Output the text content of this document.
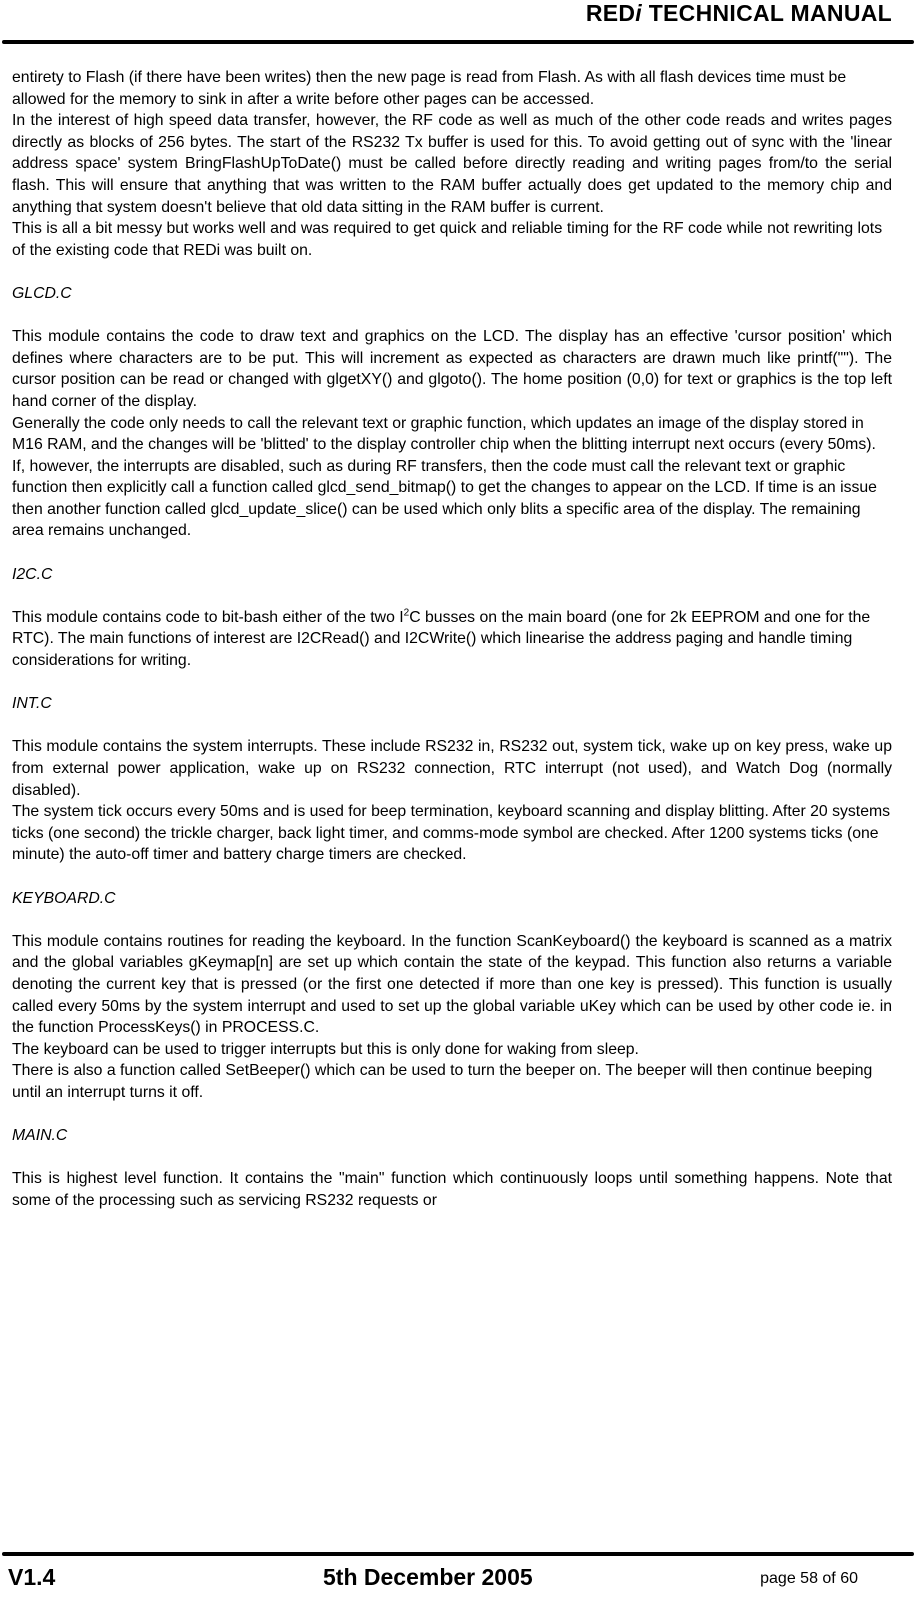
REDi TECHNICAL MANUAL

entirety to Flash (if there have been writes) then the new page is read from Flash. As with all flash devices time must be allowed for the memory to sink in after a write before other pages can be accessed.

In the interest of high speed data transfer, however, the RF code as well as much of the other code reads and writes pages directly as blocks of 256 bytes. The start of the RS232 Tx buffer is used for this. To avoid getting out of sync with the 'linear address space' system BringFlashUpToDate() must be called before directly reading and writing pages from/to the serial flash. This will ensure that anything that was written to the RAM buffer actually does get updated to the memory chip and anything that system doesn't believe that old data sitting in the RAM buffer is current.

This is all a bit messy but works well and was required to get quick and reliable timing for the RF code while not rewriting lots of the existing code that REDi was built on.

GLCD.C

This module contains the code to draw text and graphics on the LCD. The display has an effective 'cursor position' which defines where characters are to be put. This will increment as expected as characters are drawn much like printf(""). The cursor position can be read or changed with glgetXY() and glgoto(). The home position (0,0) for text or graphics is the top left hand corner of the display.

Generally the code only needs to call the relevant text or graphic function, which updates an image of the display stored in M16 RAM, and the changes will be 'blitted' to the display controller chip when the blitting interrupt next occurs (every 50ms). If, however, the interrupts are disabled, such as during RF transfers, then the code must call the relevant text or graphic function then explicitly call a function called glcd_send_bitmap() to get the changes to appear on the LCD. If time is an issue then another function called glcd_update_slice() can be used which only blits a specific area of the display. The remaining area remains unchanged.

I2C.C

This module contains code to bit-bash either of the two $I^2C$ busses on the main board (one for 2k EEPROM and one for the RTC). The main functions of interest are I2CRead() and I2CWrite() which linearise the address paging and handle timing considerations for writing.

INT.C

This module contains the system interrupts. These include RS232 in, RS232 out, system tick, wake up on key press, wake up from external power application, wake up on RS232 connection, RTC interrupt (not used), and Watch Dog (normally disabled).

The system tick occurs every 50ms and is used for beep termination, keyboard scanning and display blitting. After 20 systems ticks (one second) the trickle charger, back light timer, and comms-mode symbol are checked. After 1200 systems ticks (one minute) the auto-off timer and battery charge timers are checked.

KEYBOARD.C

This module contains routines for reading the keyboard. In the function ScanKeyboard() the keyboard is scanned as a matrix and the global variables gKeymap[n] are set up which contain the state of the keypad. This function also returns a variable denoting the current key that is pressed (or the first one detected if more than one key is pressed). This function is usually called every 50ms by the system interrupt and used to set up the global variable uKey which can be used by other code ie. in the function ProcessKeys() in PROCESS.C.

The keyboard can be used to trigger interrupts but this is only done for waking from sleep.

There is also a function called SetBeeper() which can be used to turn the beeper on. The beeper will then continue beeping until an interrupt turns it off.

MAIN.C

This is highest level function. It contains the "main" function which continuously loops until something happens. Note that some of the processing such as servicing RS232 requests or

V1.4	5th December 2005	page 58 of 60
